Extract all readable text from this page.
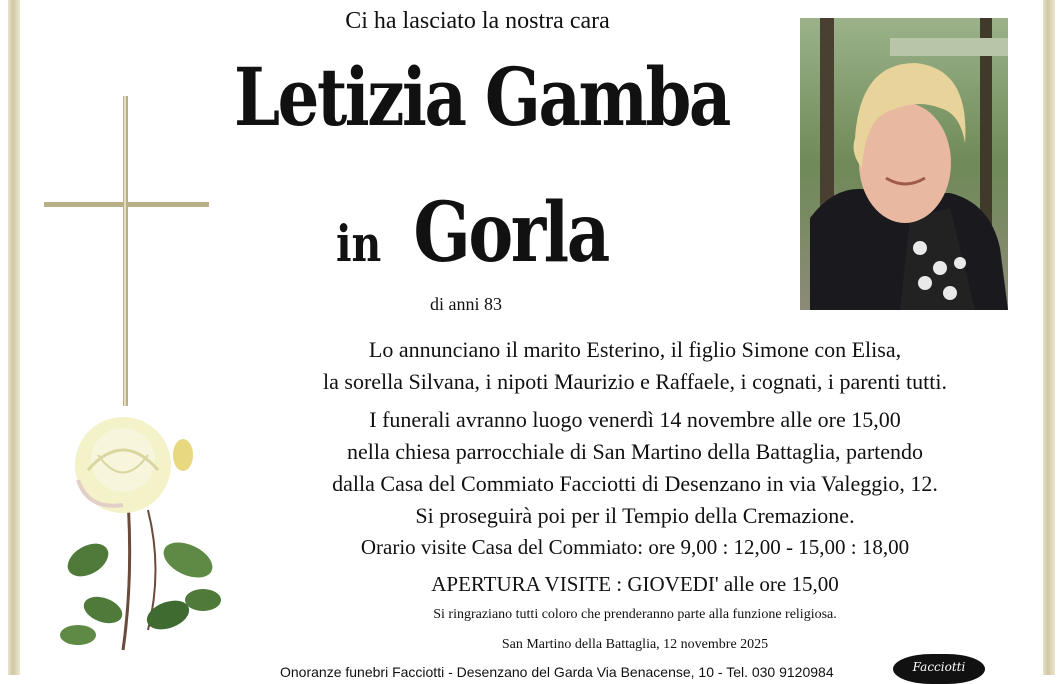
Ci ha lasciato la nostra cara
Letizia Gamba
in Gorla
di anni 83
Lo annunciano il marito Esterino, il figlio Simone con Elisa,
la sorella Silvana, i nipoti Maurizio e Raffaele, i cognati, i parenti tutti.
I funerali avranno luogo venerdì 14 novembre alle ore 15,00
nella chiesa parrocchiale di San Martino della Battaglia, partendo
dalla Casa del Commiato Facciotti di Desenzano in via Valeggio, 12.
Si proseguirà poi per il Tempio della Cremazione.
Orario visite Casa del Commiato: ore 9,00 : 12,00 - 15,00 : 18,00
APERTURA VISITE : GIOVEDI' alle ore 15,00
Si ringraziano tutti coloro che prenderanno parte alla funzione religiosa.
San Martino della Battaglia, 12 novembre 2025
Onoranze funebri Facciotti - Desenzano del Garda Via Benacense, 10 - Tel. 030 9120984	Facciotti
